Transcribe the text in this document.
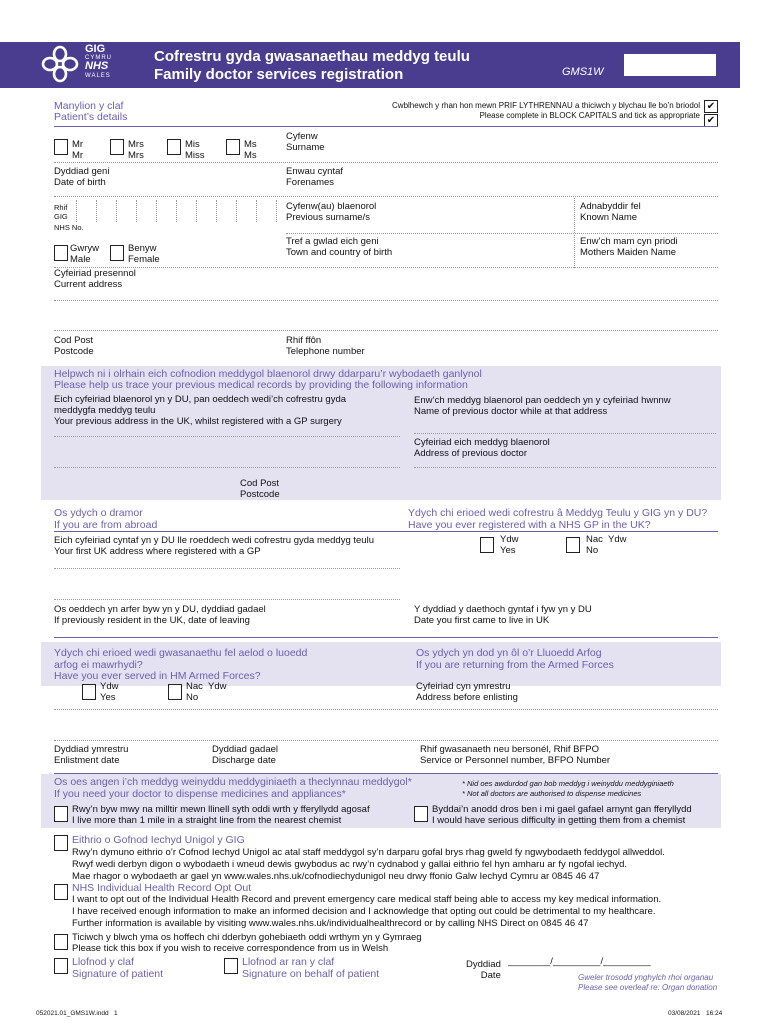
GIG
CYMRU
NHS
WALES
Cofrestru gyda gwasanaethau meddyg teulu
Family doctor services registration	GMS1W
Manylion y claf
Patient’s details
Cwblhewch y rhan hon mewn PRIF LYTHRENNAU a thiciwch y blychau lle bo’n briodol
Please complete in BLOCK CAPITALS and tick as appropriate
✔
✔
Mr
Mr
Mrs
Mrs
Mis
Miss
Ms
Ms
Cyfenw
Surname
Dyddiad geni
Date of birth
Enwau cyntaf
Forenames
Rhif
GIG
NHS No.
Cyfenw(au) blaenorol
Previous surname/s
Adnabyddir fel
Known Name
Gwryw
Male
Benyw
Female
Tref a gwlad eich geni
Town and country of birth
Enw’ch mam cyn priodi
Mothers Maiden Name
Cyfeiriad presennol
Current address
Cod Post
Postcode
Rhif ffôn
Telephone number
Helpwch ni i olrhain eich cofnodion meddygol blaenorol drwy ddarparu’r wybodaeth ganlynol
Please help us trace your previous medical records by providing the following information
Eich cyfeiriad blaenorol yn y DU, pan oeddech wedi’ch cofrestru gyda
meddygfa meddyg teulu
Your previous address in the UK, whilst registered with a GP surgery
Enw’ch meddyg blaenorol pan oeddech yn y cyfeiriad hwnnw
Name of previous doctor while at that address
Cyfeiriad eich meddyg blaenorol
Address of previous doctor
Cod Post
Postcode
Os ydych o dramor
If you are from abroad
Ydych chi erioed wedi cofrestru â Meddyg Teulu y GIG yn y DU?
Have you ever registered with a NHS GP in the UK?
Eich cyfeiriad cyntaf yn y DU lle roeddech wedi cofrestru gyda meddyg teulu
Your first UK address where registered with a GP
Ydw
Yes
Nac  Ydw
No
Os oeddech yn arfer byw yn y DU, dyddiad gadael
If previously resident in the UK, date of leaving
Y dyddiad y daethoch gyntaf i fyw yn y DU
Date you first came to live in UK
Ydych chi erioed wedi gwasanaethu fel aelod o luoedd
arfog ei mawrhydi?
Have you ever served in HM Armed Forces?
Os ydych yn dod yn ôl o’r Lluoedd Arfog
If you are returning from the Armed Forces
Ydw
Yes
Nac  Ydw
No
Cyfeiriad cyn ymrestru
Address before enlisting
Dyddiad ymrestru
Enlistment date
Dyddiad gadael
Discharge date
Rhif gwasanaeth neu bersonél, Rhif BFPO
Service or Personnel number, BFPO Number
Os oes angen i’ch meddyg weinyddu meddyginiaeth a theclynnau meddygol*
If you need your doctor to dispense medicines and appliances*
* Nid oes awdurdod gan bob meddyg i weinyddu meddyginiaeth
* Not all doctors are authorised to dispense medicines
Rwy’n byw mwy na milltir mewn llinell syth oddi wrth y fferyllydd agosaf
I live more than 1 mile in a straight line from the nearest chemist
Byddai’n anodd dros ben i mi gael gafael arnynt gan fferyllydd
I would have serious difficulty in getting them from a chemist
Eithrio o Gofnod Iechyd Unigol y GIG
Rwy’n dymuno eithrio o’r Cofnod Iechyd Unigol ac atal staff meddygol sy’n darparu gofal brys rhag gweld fy ngwybodaeth feddygol allweddol.
Rwyf wedi derbyn digon o wybodaeth i wneud dewis gwybodus ac rwy’n cydnabod y gallai eithrio fel hyn amharu ar fy ngofal iechyd.
Mae rhagor o wybodaeth ar gael yn www.wales.nhs.uk/cofnodiechydunigol neu drwy ffonio Galw Iechyd Cymru ar 0845 46 47
NHS Individual Health Record Opt Out
I want to opt out of the Individual Health Record and prevent emergency care medical staff being able to access my key medical information.
I have received enough information to make an informed decision and I acknowledge that opting out could be detrimental to my healthcare.
Further information is available by visiting www.wales.nhs.uk/individualhealthrecord or by calling NHS Direct on 0845 46 47
Ticiwch y blwch yma os hoffech chi dderbyn gohebiaeth oddi wrthym yn y Gymraeg
Please tick this box if you wish to receive correspondence from us in Welsh
Llofnod y claf
Signature of patient
Llofnod ar ran y claf
Signature on behalf of patient
Dyddiad
Date
________/_________/_________
Gweler trosodd ynghylch rhoi organau
Please see overleaf re: Organ donation
052021.01_GMS1W.indd   1	03/08/2021   16:24
